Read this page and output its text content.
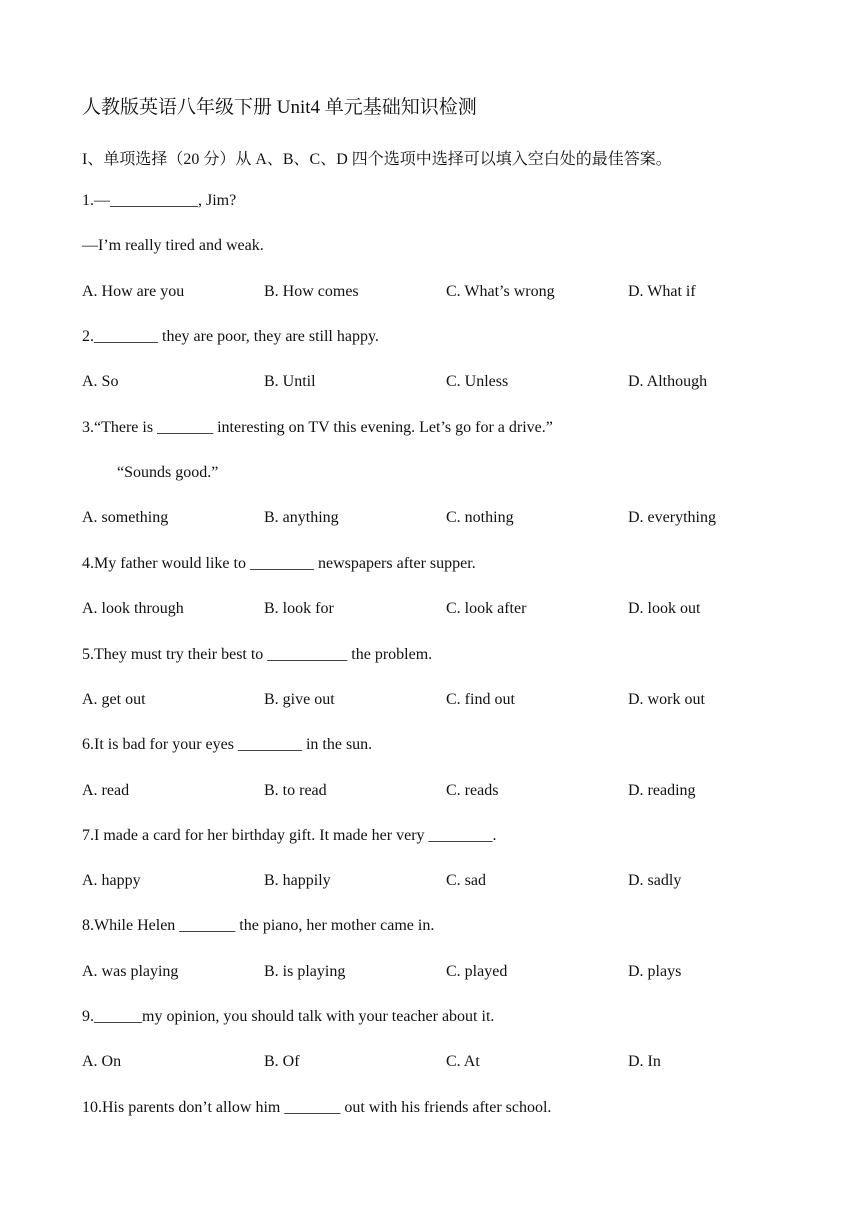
人教版英语八年级下册 Unit4 单元基础知识检测
I、单项选择（20 分）从 A、B、C、D 四个选项中选择可以填入空白处的最佳答案。
1.—___________, Jim?
—I’m really tired and weak.
A. How are you	B. How comes	C. What’s wrong	D. What if
2.________ they are poor, they are still happy.
A. So	B. Until	C. Unless	D. Although
3.“There is _______ interesting on TV this evening. Let’s go for a drive.”
“Sounds good.”
A. something	B. anything	C. nothing	D. everything
4.My father would like to ________ newspapers after supper.
A. look through	B. look for	C. look after	D. look out
5.They must try their best to __________ the problem.
A. get out	B. give out	C. find out	D. work out
6.It is bad for your eyes ________ in the sun.
A. read	B. to read	C. reads	D. reading
7.I made a card for her birthday gift. It made her very ________.
A. happy	B. happily	C. sad	D. sadly
8.While Helen _______ the piano, her mother came in.
A. was playing	B. is playing	C. played	D. plays
9.______my opinion, you should talk with your teacher about it.
A. On	B. Of	C. At	D. In
10.His parents don’t allow him _______ out with his friends after school.
